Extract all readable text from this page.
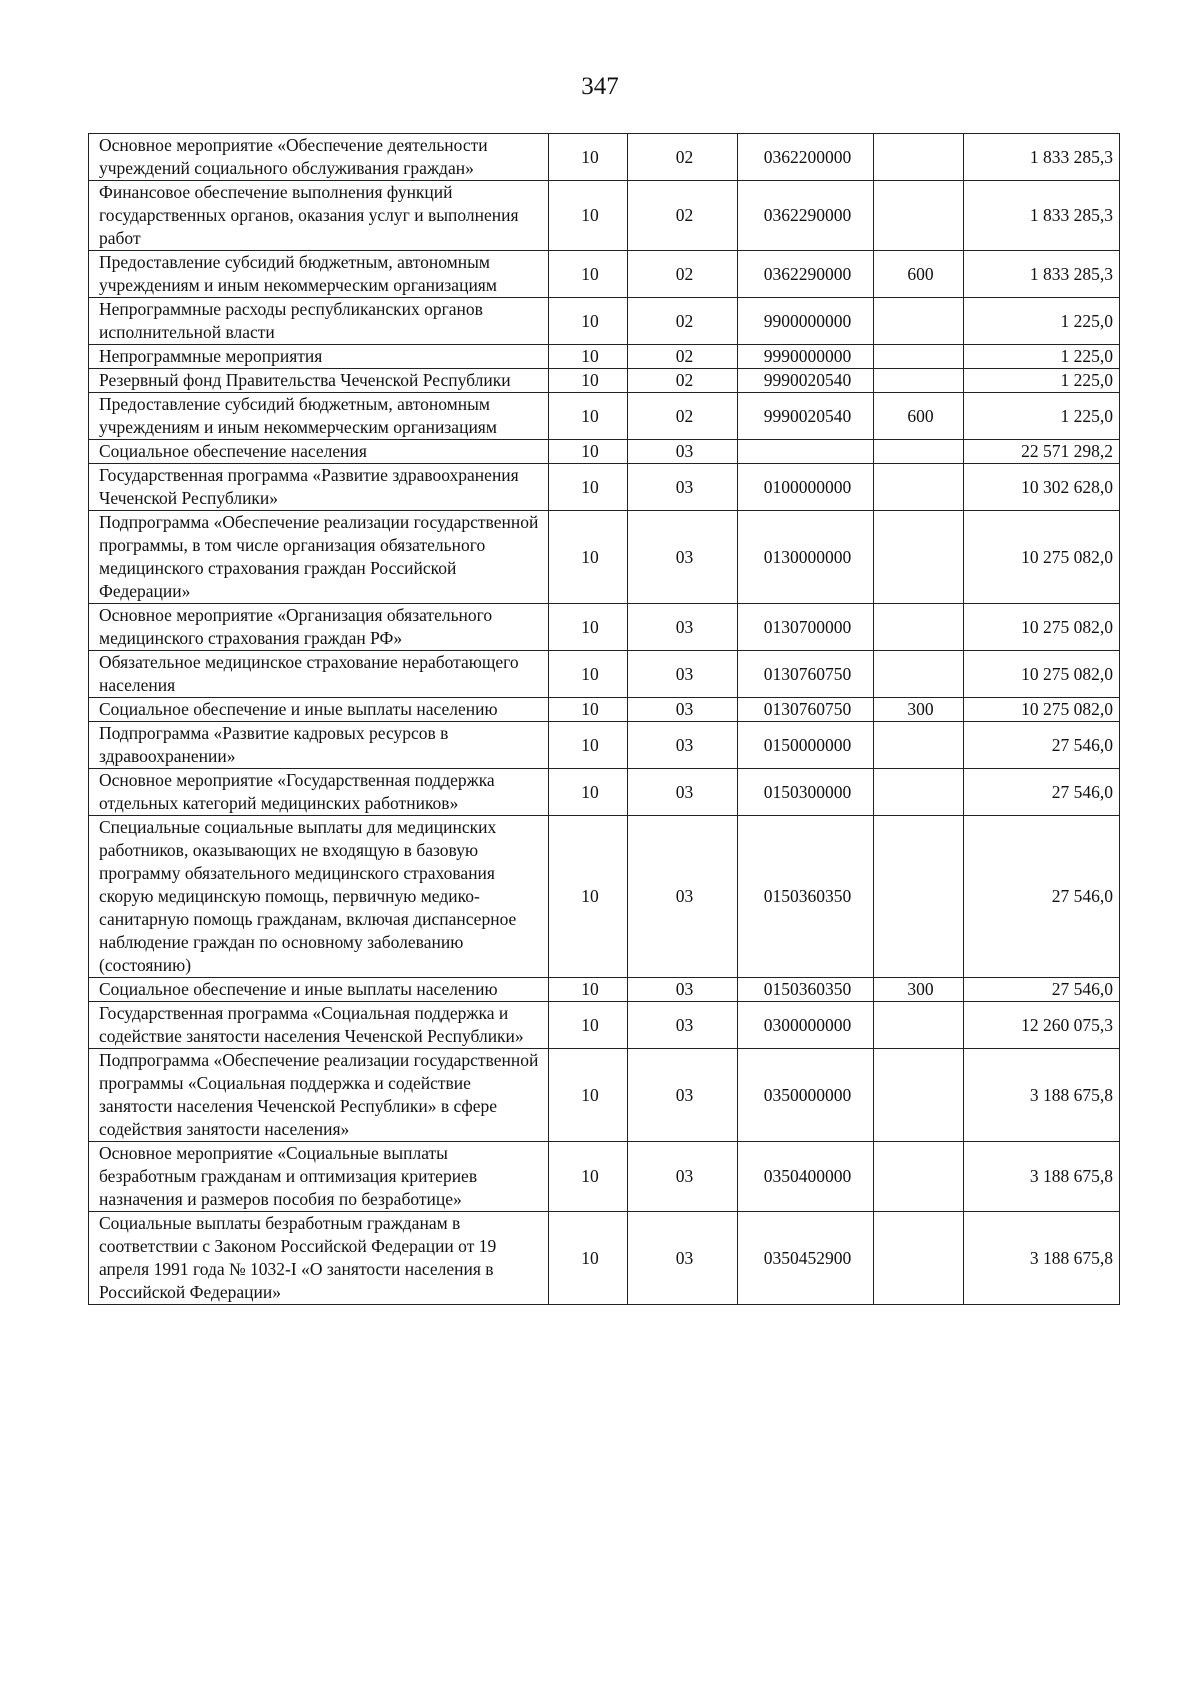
347
Основное мероприятие «Обеспечение деятельности учреждений социального обслуживания граждан»	10	02	0362200000		1 833 285,3
Финансовое обеспечение выполнения функций государственных органов, оказания услуг и выполнения работ	10	02	0362290000		1 833 285,3
Предоставление субсидий бюджетным, автономным учреждениям и иным некоммерческим организациям	10	02	0362290000	600	1 833 285,3
Непрограммные расходы республиканских органов исполнительной власти	10	02	9900000000		1 225,0
Непрограммные мероприятия	10	02	9990000000		1 225,0
Резервный фонд Правительства Чеченской Республики	10	02	9990020540		1 225,0
Предоставление субсидий бюджетным, автономным учреждениям и иным некоммерческим организациям	10	02	9990020540	600	1 225,0
Социальное обеспечение населения	10	03			22 571 298,2
Государственная программа «Развитие здравоохранения Чеченской Республики»	10	03	0100000000		10 302 628,0
Подпрограмма «Обеспечение реализации государственной программы, в том числе организация обязательного медицинского страхования граждан Российской Федерации»	10	03	0130000000		10 275 082,0
Основное мероприятие «Организация обязательного медицинского страхования граждан РФ»	10	03	0130700000		10 275 082,0
Обязательное медицинское страхование неработающего населения	10	03	0130760750		10 275 082,0
Социальное обеспечение и иные выплаты населению	10	03	0130760750	300	10 275 082,0
Подпрограмма «Развитие кадровых ресурсов в здравоохранении»	10	03	0150000000		27 546,0
Основное мероприятие «Государственная поддержка отдельных категорий медицинских работников»	10	03	0150300000		27 546,0
Специальные социальные выплаты для медицинских работников, оказывающих не входящую в базовую программу обязательного медицинского страхования скорую медицинскую помощь, первичную медико-санитарную помощь гражданам, включая диспансерное наблюдение граждан по основному заболеванию (состоянию)	10	03	0150360350		27 546,0
Социальное обеспечение и иные выплаты населению	10	03	0150360350	300	27 546,0
Государственная программа «Социальная поддержка и содействие занятости населения Чеченской Республики»	10	03	0300000000		12 260 075,3
Подпрограмма «Обеспечение реализации государственной программы «Социальная поддержка и содействие занятости населения Чеченской Республики» в сфере содействия занятости населения»	10	03	0350000000		3 188 675,8
Основное мероприятие «Социальные выплаты безработным гражданам и оптимизация критериев назначения и размеров пособия по безработице»	10	03	0350400000		3 188 675,8
Социальные выплаты безработным гражданам в соответствии с Законом Российской Федерации от 19 апреля 1991 года № 1032-I «О занятости населения в Российской Федерации»	10	03	0350452900		3 188 675,8
